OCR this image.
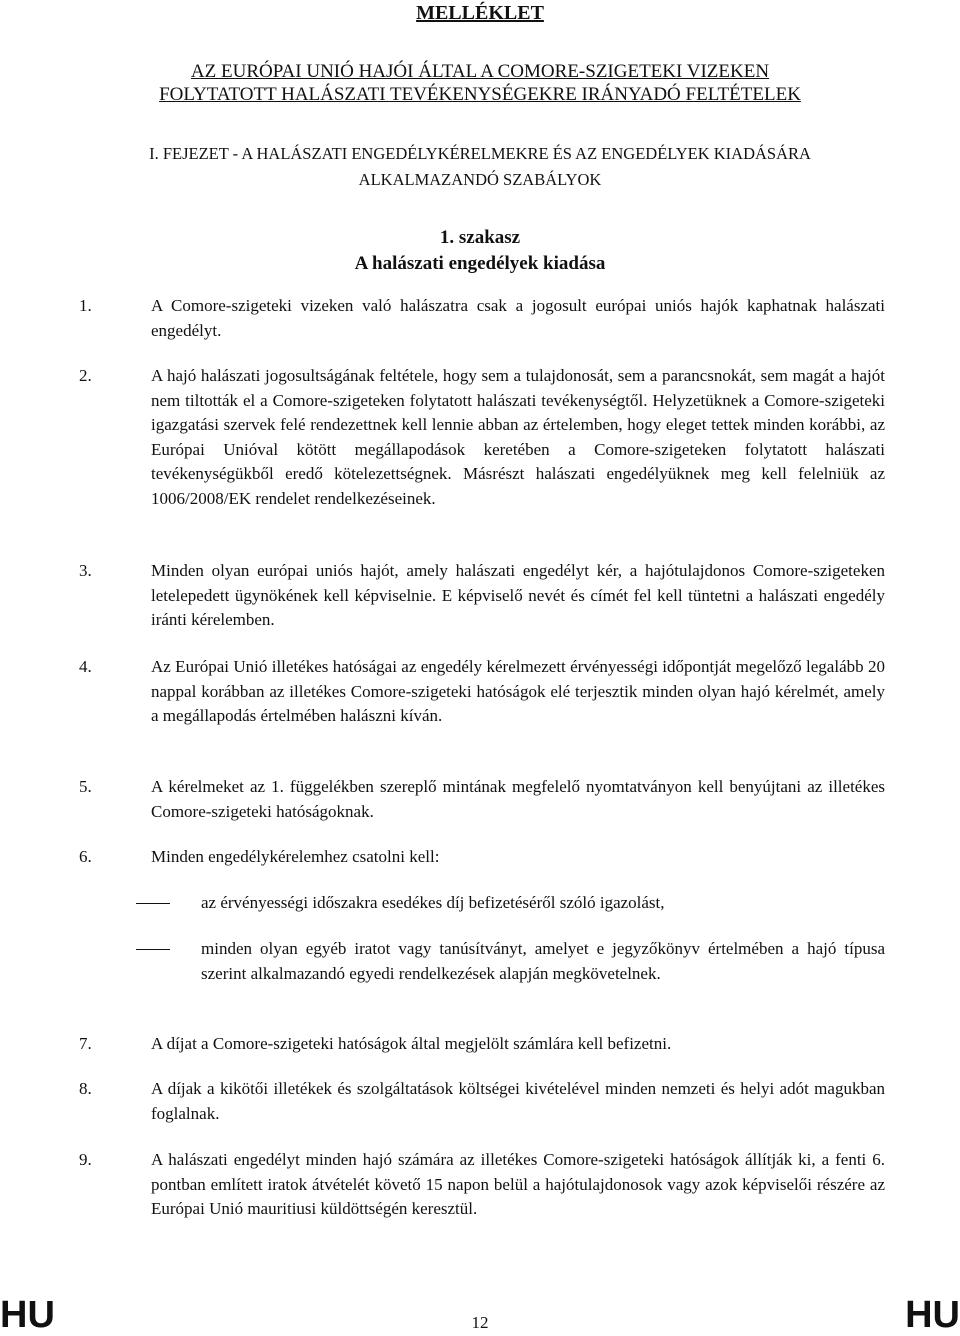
MELLÉKLET
AZ EURÓPAI UNIÓ HAJÓI ÁLTAL A COMORE-SZIGETEKI VIZEKEN
FOLYTATOTT HALÁSZATI TEVÉKENYSÉGEKRE IRÁNYADÓ FELTÉTELEK
I. FEJEZET - A HALÁSZATI ENGEDÉLYKÉRELMEKRE ÉS AZ ENGEDÉLYEK KIADÁSÁRA
ALKALMAZANDÓ SZABÁLYOK
1. szakasz
A halászati engedélyek kiadása
1.	A Comore-szigeteki vizeken való halászatra csak a jogosult európai uniós hajók kaphatnak halászati engedélyt.
2.	A hajó halászati jogosultságának feltétele, hogy sem a tulajdonosát, sem a parancsnokát, sem magát a hajót nem tiltották el a Comore-szigeteken folytatott halászati tevékenységtől. Helyzetüknek a Comore-szigeteki igazgatási szervek felé rendezettnek kell lennie abban az értelemben, hogy eleget tettek minden korábbi, az Európai Unióval kötött megállapodások keretében a Comore-szigeteken folytatott halászati tevékenységükből eredő kötelezettségnek. Másrészt halászati engedélyüknek meg kell felelniük az 1006/2008/EK rendelet rendelkezéseinek.
3.	Minden olyan európai uniós hajót, amely halászati engedélyt kér, a hajótulajdonos Comore-szigeteken letelepedett ügynökének kell képviselnie. E képviselő nevét és címét fel kell tüntetni a halászati engedély iránti kérelemben.
4.	Az Európai Unió illetékes hatóságai az engedély kérelmezett érvényességi időpontját megelőző legalább 20 nappal korábban az illetékes Comore-szigeteki hatóságok elé terjesztik minden olyan hajó kérelmét, amely a megállapodás értelmében halászni kíván.
5.	A kérelmeket az 1. függelékben szereplő mintának megfelelő nyomtatványon kell benyújtani az illetékes Comore-szigeteki hatóságoknak.
6.	Minden engedélykérelemhez csatolni kell:
az érvényességi időszakra esedékes díj befizetéséről szóló igazolást,
minden olyan egyéb iratot vagy tanúsítványt, amelyet e jegyzőkönyv értelmében a hajó típusa szerint alkalmazandó egyedi rendelkezések alapján megkövetelnek.
7.	A díjat a Comore-szigeteki hatóságok által megjelölt számlára kell befizetni.
8.	A díjak a kikötői illetékek és szolgáltatások költségei kivételével minden nemzeti és helyi adót magukban foglalnak.
9.	A halászati engedélyt minden hajó számára az illetékes Comore-szigeteki hatóságok állítják ki, a fenti 6. pontban említett iratok átvételét követő 15 napon belül a hajótulajdonosok vagy azok képviselői részére az Európai Unió mauritiusi küldöttségén keresztül.
HU	12	HU
